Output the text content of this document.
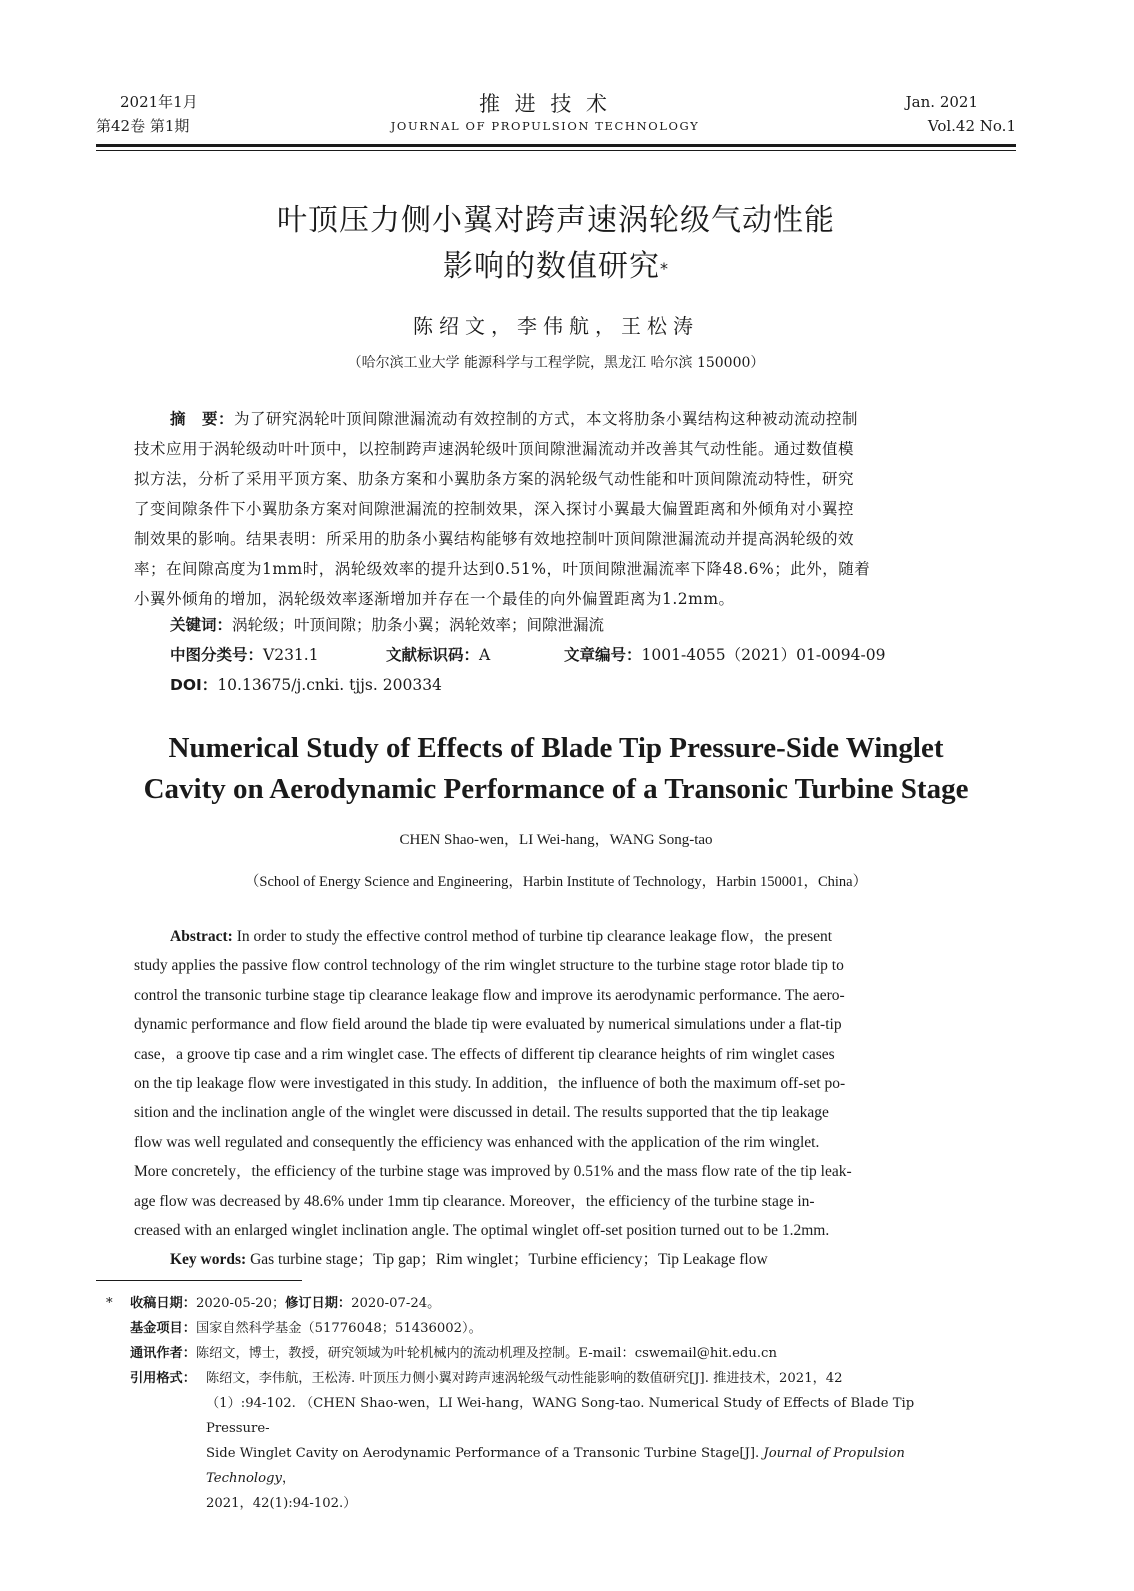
2021年1月
第42卷 第1期
推 进 技 术
JOURNAL OF PROPULSION TECHNOLOGY
Jan. 2021
Vol.42 No.1
叶顶压力侧小翼对跨声速涡轮级气动性能
影响的数值研究*
陈绍文，李伟航，王松涛
（哈尔滨工业大学 能源科学与工程学院，黑龙江 哈尔滨 150000）
摘　要：为了研究涡轮叶顶间隙泄漏流动有效控制的方式，本文将肋条小翼结构这种被动流动控制
技术应用于涡轮级动叶叶顶中，以控制跨声速涡轮级叶顶间隙泄漏流动并改善其气动性能。通过数值模
拟方法，分析了采用平顶方案、肋条方案和小翼肋条方案的涡轮级气动性能和叶顶间隙流动特性，研究
了变间隙条件下小翼肋条方案对间隙泄漏流的控制效果，深入探讨小翼最大偏置距离和外倾角对小翼控
制效果的影响。结果表明：所采用的肋条小翼结构能够有效地控制叶顶间隙泄漏流动并提高涡轮级的效
率；在间隙高度为1mm时，涡轮级效率的提升达到0.51%，叶顶间隙泄漏流率下降48.6%；此外，随着
小翼外倾角的增加，涡轮级效率逐渐增加并存在一个最佳的向外偏置距离为1.2mm。
关键词：涡轮级；叶顶间隙；肋条小翼；涡轮效率；间隙泄漏流
中图分类号：V231.1	文献标识码：A	文章编号：1001-4055（2021）01-0094-09
DOI：10.13675/j.cnki. tjjs. 200334
Numerical Study of Effects of Blade Tip Pressure-Side Winglet
Cavity on Aerodynamic Performance of a Transonic Turbine Stage
CHEN Shao-wen，LI Wei-hang，WANG Song-tao
（School of Energy Science and Engineering，Harbin Institute of Technology，Harbin 150001，China）
Abstract: In order to study the effective control method of turbine tip clearance leakage flow，the present
study applies the passive flow control technology of the rim winglet structure to the turbine stage rotor blade tip to
control the transonic turbine stage tip clearance leakage flow and improve its aerodynamic performance. The aero-
dynamic performance and flow field around the blade tip were evaluated by numerical simulations under a flat-tip
case，a groove tip case and a rim winglet case. The effects of different tip clearance heights of rim winglet cases
on the tip leakage flow were investigated in this study. In addition，the influence of both the maximum off-set po-
sition and the inclination angle of the winglet were discussed in detail. The results supported that the tip leakage
flow was well regulated and consequently the efficiency was enhanced with the application of the rim winglet.
More concretely，the efficiency of the turbine stage was improved by 0.51% and the mass flow rate of the tip leak-
age flow was decreased by 48.6% under 1mm tip clearance. Moreover，the efficiency of the turbine stage in-
creased with an enlarged winglet inclination angle. The optimal winglet off-set position turned out to be 1.2mm.
Key words: Gas turbine stage；Tip gap；Rim winglet；Turbine efficiency；Tip Leakage flow
* 收稿日期：2020-05-20；修订日期：2020-07-24。
基金项目：国家自然科学基金（51776048；51436002）。
通讯作者：陈绍文，博士，教授，研究领域为叶轮机械内的流动机理及控制。E-mail：cswemail@hit.edu.cn
引用格式： 陈绍文，李伟航，王松涛. 叶顶压力侧小翼对跨声速涡轮级气动性能影响的数值研究[J]. 推进技术，2021，42
（1）:94-102. （CHEN Shao-wen，LI Wei-hang，WANG Song-tao. Numerical Study of Effects of Blade Tip Pressure-
Side Winglet Cavity on Aerodynamic Performance of a Transonic Turbine Stage[J]. Journal of Propulsion Technology，
2021，42(1):94-102.）
